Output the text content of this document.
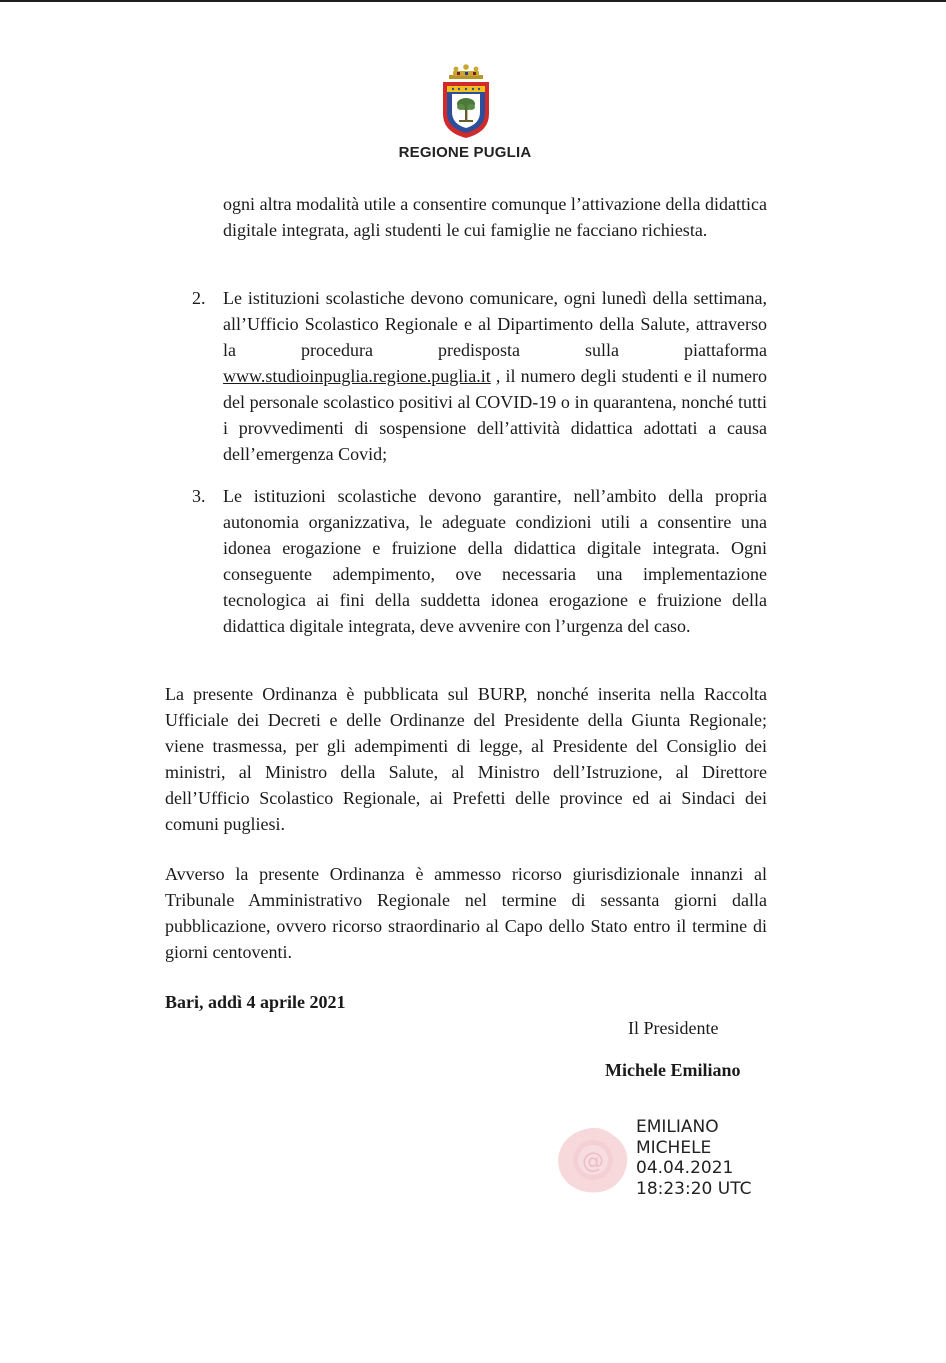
REGIONE PUGLIA
ogni altra modalità utile a consentire comunque l’attivazione della didattica digitale integrata, agli studenti le cui famiglie ne facciano richiesta.
2. Le istituzioni scolastiche devono comunicare, ogni lunedì della settimana, all’Ufficio Scolastico Regionale e al Dipartimento della Salute, attraverso la procedura predisposta sulla piattaforma www.studioinpuglia.regione.puglia.it , il numero degli studenti e il numero del personale scolastico positivi al COVID-19 o in quarantena, nonché tutti i provvedimenti di sospensione dell’attività didattica adottati a causa dell’emergenza Covid;
3. Le istituzioni scolastiche devono garantire, nell’ambito della propria autonomia organizzativa, le adeguate condizioni utili a consentire una idonea erogazione e fruizione della didattica digitale integrata. Ogni conseguente adempimento, ove necessaria una implementazione tecnologica ai fini della suddetta idonea erogazione e fruizione della didattica digitale integrata, deve avvenire con l’urgenza del caso.
La presente Ordinanza è pubblicata sul BURP, nonché inserita nella Raccolta Ufficiale dei Decreti e delle Ordinanze del Presidente della Giunta Regionale; viene trasmessa, per gli adempimenti di legge, al Presidente del Consiglio dei ministri, al Ministro della Salute, al Ministro dell’Istruzione, al Direttore dell’Ufficio Scolastico Regionale, ai Prefetti delle province ed ai Sindaci dei comuni pugliesi.
Avverso la presente Ordinanza è ammesso ricorso giurisdizionale innanzi al Tribunale Amministrativo Regionale nel termine di sessanta giorni dalla pubblicazione, ovvero ricorso straordinario al Capo dello Stato entro il termine di giorni centoventi.
Bari, addì 4 aprile 2021
Il Presidente
Michele Emiliano
@
EMILIANO
MICHELE
04.04.2021
18:23:20 UTC
